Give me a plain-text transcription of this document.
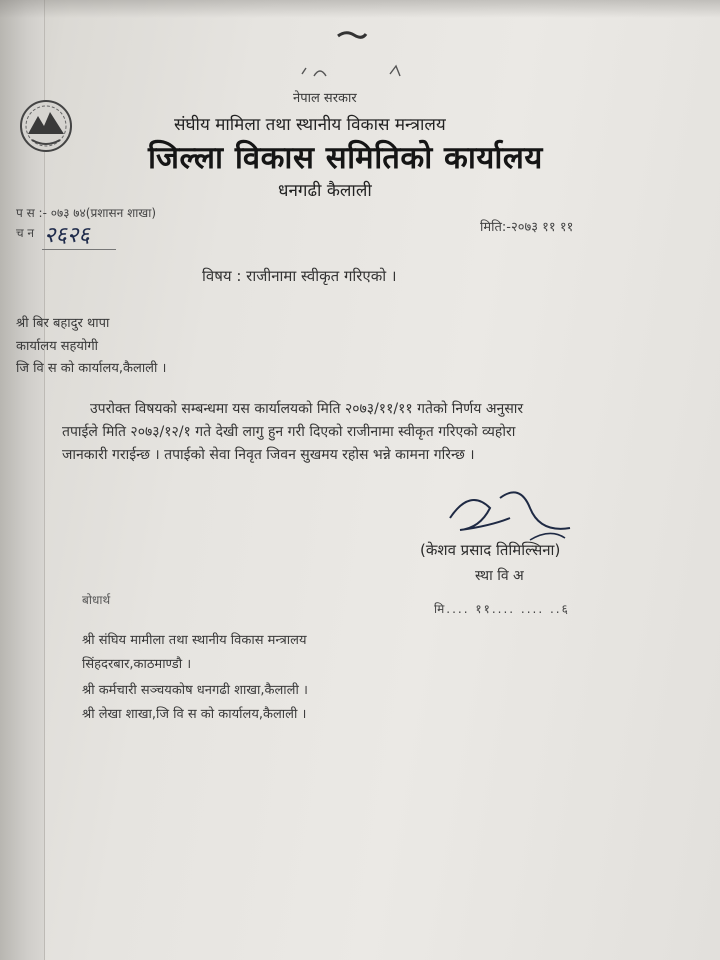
नेपाल सरकार
संघीय मामिला तथा स्थानीय विकास मन्त्रालय
जिल्ला विकास समितिको कार्यालय
धनगढी कैलाली
प स :- ०७३ ७४(प्रशासन शाखा)
च न २६२६	मिति:-२०७३ ११ ११
विषय : राजीनामा स्वीकृत गरिएको ।
श्री बिर बहादुर थापा
कार्यालय सहयोगी
जि वि स को कार्यालय,कैलाली ।
उपरोक्त विषयको सम्बन्धमा यस कार्यालयको मिति २०७३/११/११ गतेको निर्णय अनुसार
तपाईले मिति २०७३/१२/१ गते देखी लागु हुन गरी दिएको राजीनामा स्वीकृत गरिएको व्यहोरा
जानकारी गराईन्छ । तपाईको सेवा निवृत जिवन सुखमय रहोस भन्ने कामना गरिन्छ ।
(केशव प्रसाद तिमिल्सिना)
स्था वि अ
बोधार्थ
मि.... ११.... .... ..६
श्री संघिय मामीला तथा स्थानीय विकास मन्त्रालय
सिंहदरबार,काठमाण्डौ ।
श्री कर्मचारी सञ्चयकोष धनगढी शाखा,कैलाली ।
श्री लेखा शाखा,जि वि स को कार्यालय,कैलाली ।
